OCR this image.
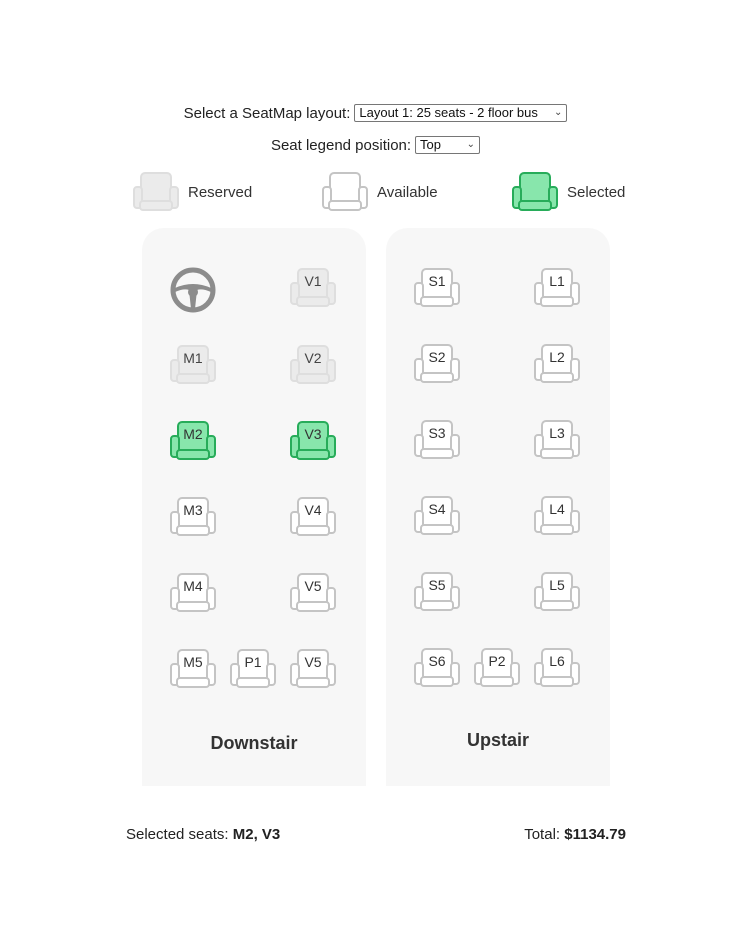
Select a SeatMap layout: Layout 1: 25 seats - 2 floor bus ⌄
Seat legend position: Top	⌄
Reserved	Available	Selected
V1
M1	V2
M2	V3
M3	V4
M4	V5
M5	P1	V5
Downstair
S1	L1
S2	L2
S3	L3
S4	L4
S5	L5
S6	P2	L6
Upstair
Selected seats: M2, V3	Total: $1134.79
